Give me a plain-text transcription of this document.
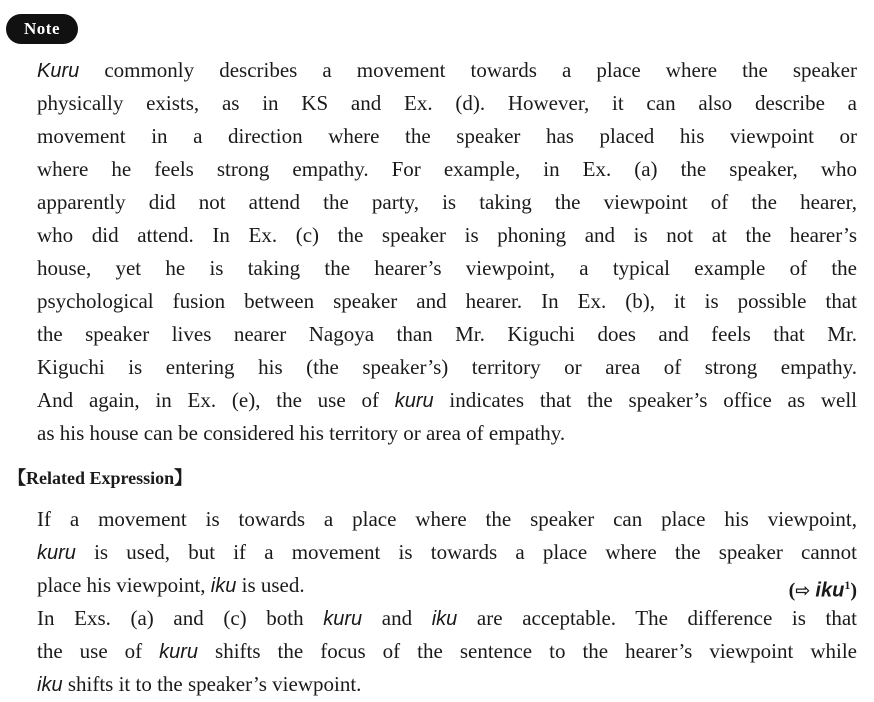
Note
Kuru commonly describes a movement towards a place where the speaker
physically exists, as in KS and Ex. (d). However, it can also describe a
movement in a direction where the speaker has placed his viewpoint or
where he feels strong empathy. For example, in Ex. (a) the speaker, who
apparently did not attend the party, is taking the viewpoint of the hearer,
who did attend. In Ex. (c) the speaker is phoning and is not at the hearer’s
house, yet he is taking the hearer’s viewpoint, a typical example of the
psychological fusion between speaker and hearer. In Ex. (b), it is possible that
the speaker lives nearer Nagoya than Mr. Kiguchi does and feels that Mr.
Kiguchi is entering his (the speaker’s) territory or area of strong empathy.
And again, in Ex. (e), the use of kuru indicates that the speaker’s office as well
as his house can be considered his territory or area of empathy.
【Related Expression】
If a movement is towards a place where the speaker can place his viewpoint,
kuru is used, but if a movement is towards a place where the speaker cannot
place his viewpoint, iku is used.	(⇨ iku$^1$)
In Exs. (a) and (c) both kuru and iku are acceptable. The difference is that
the use of kuru shifts the focus of the sentence to the hearer’s viewpoint while
iku shifts it to the speaker’s viewpoint.
